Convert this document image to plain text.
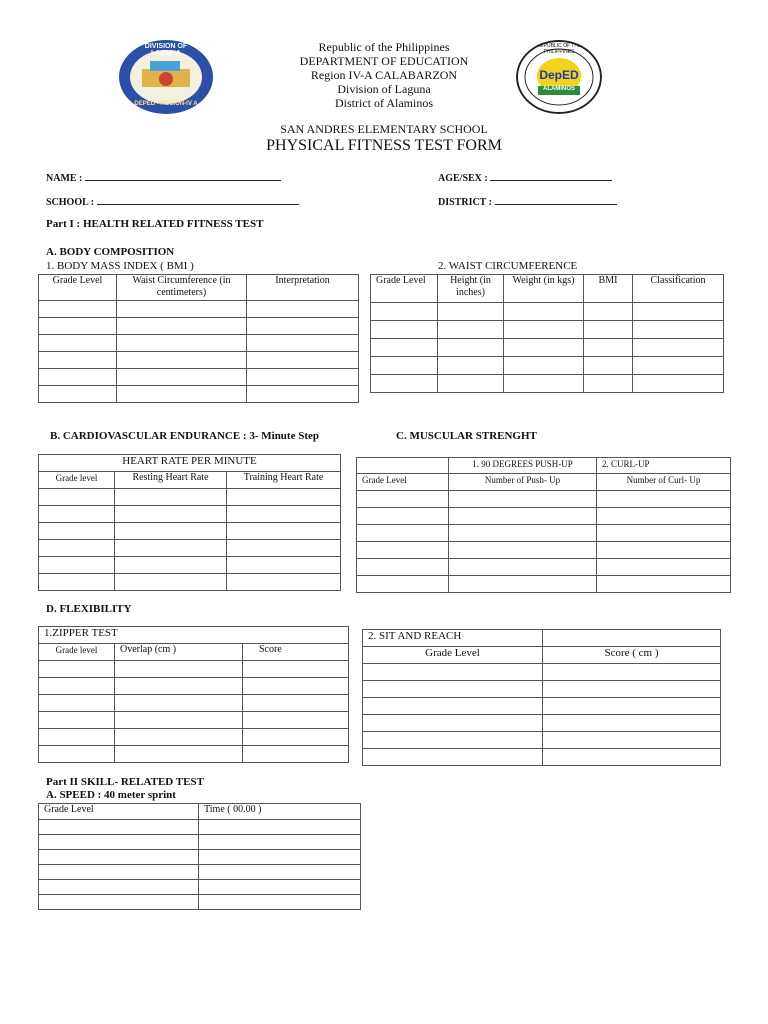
DIVISION OF LAGUNA
DEPED • REGION-IV A
REPUBLIC OF THE PHILIPPINES
DepED
ALAMINOS
Republic of the Philippines
DEPARTMENT OF EDUCATION
Region IV-A CALABARZON
Division of Laguna
District of Alaminos
SAN ANDRES ELEMENTARY SCHOOL
PHYSICAL FITNESS TEST FORM
NAME :	AGE/SEX :
SCHOOL :	DISTRICT :
Part I : HEALTH RELATED FITNESS TEST
A. BODY COMPOSITION
1. BODY MASS INDEX ( BMI )	2. WAIST CIRCUMFERENCE
Grade Level	Waist Circumference (in centimeters)	Interpretation

			Grade Level	Height (in inches)	Weight (in kgs)	BMI	Classification

B. CARDIOVASCULAR ENDURANCE : 3- Minute Step	C. MUSCULAR STRENGHT
HEART RATE PER MINUTE		
Grade level	Resting Heart Rate	Training Heart Rate

	1. 90 DEGREES PUSH-UP	2. CURL-UP
Grade Level	Number of Push- Up	Number of Curl- Up

D. FLEXIBILITY
1.ZIPPER TEST		
Grade level	Overlap (cm )	Score

2. SIT AND REACH	
Grade Level	Score ( cm )

Part II SKILL- RELATED TEST
A. SPEED : 40 meter sprint
Grade Level	Time ( 00.00 )
